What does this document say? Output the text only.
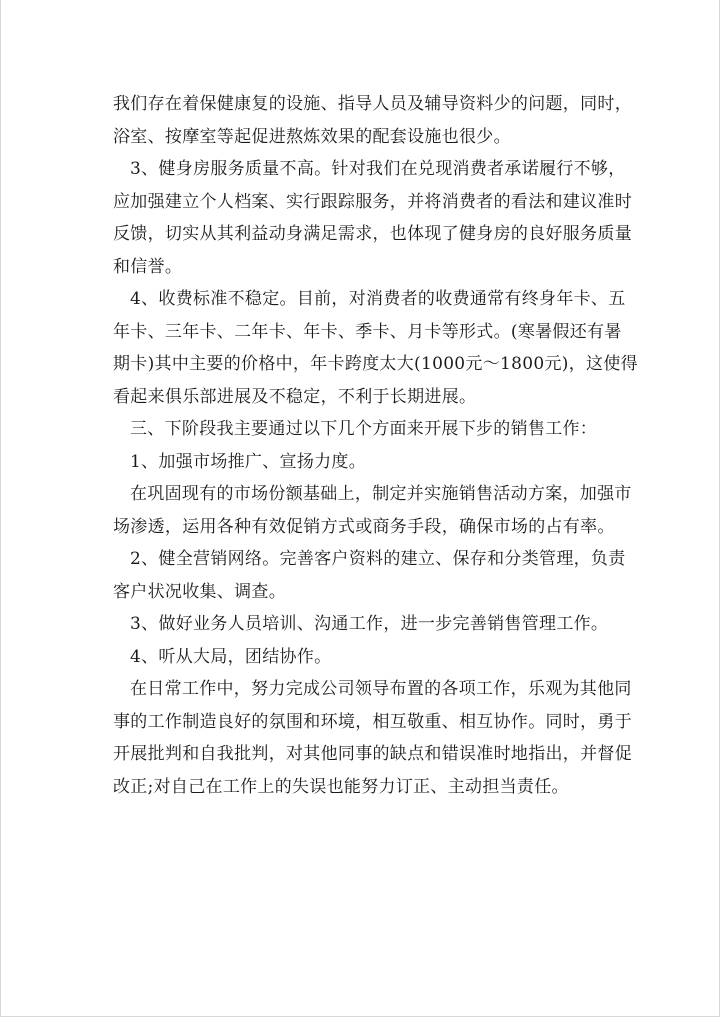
我们存在着保健康复的设施、指导人员及辅导资料少的问题，同时，
浴室、按摩室等起促进熬炼效果的配套设施也很少。
3、健身房服务质量不高。针对我们在兑现消费者承诺履行不够，
应加强建立个人档案、实行跟踪服务，并将消费者的看法和建议准时
反馈，切实从其利益动身满足需求，也体现了健身房的良好服务质量
和信誉。
4、收费标准不稳定。目前，对消费者的收费通常有终身年卡、五
年卡、三年卡、二年卡、年卡、季卡、月卡等形式。(寒暑假还有暑
期卡)其中主要的价格中，年卡跨度太大(1000元～1800元)，这使得
看起来俱乐部进展及不稳定，不利于长期进展。
三、下阶段我主要通过以下几个方面来开展下步的销售工作：
1、加强市场推广、宣扬力度。
在巩固现有的市场份额基础上，制定并实施销售活动方案，加强市
场渗透，运用各种有效促销方式或商务手段，确保市场的占有率。
2、健全营销网络。完善客户资料的建立、保存和分类管理，负责
客户状况收集、调查。
3、做好业务人员培训、沟通工作，进一步完善销售管理工作。
4、听从大局，团结协作。
在日常工作中，努力完成公司领导布置的各项工作，乐观为其他同
事的工作制造良好的氛围和环境，相互敬重、相互协作。同时，勇于
开展批判和自我批判，对其他同事的缺点和错误准时地指出，并督促
改正;对自己在工作上的失误也能努力订正、主动担当责任。
